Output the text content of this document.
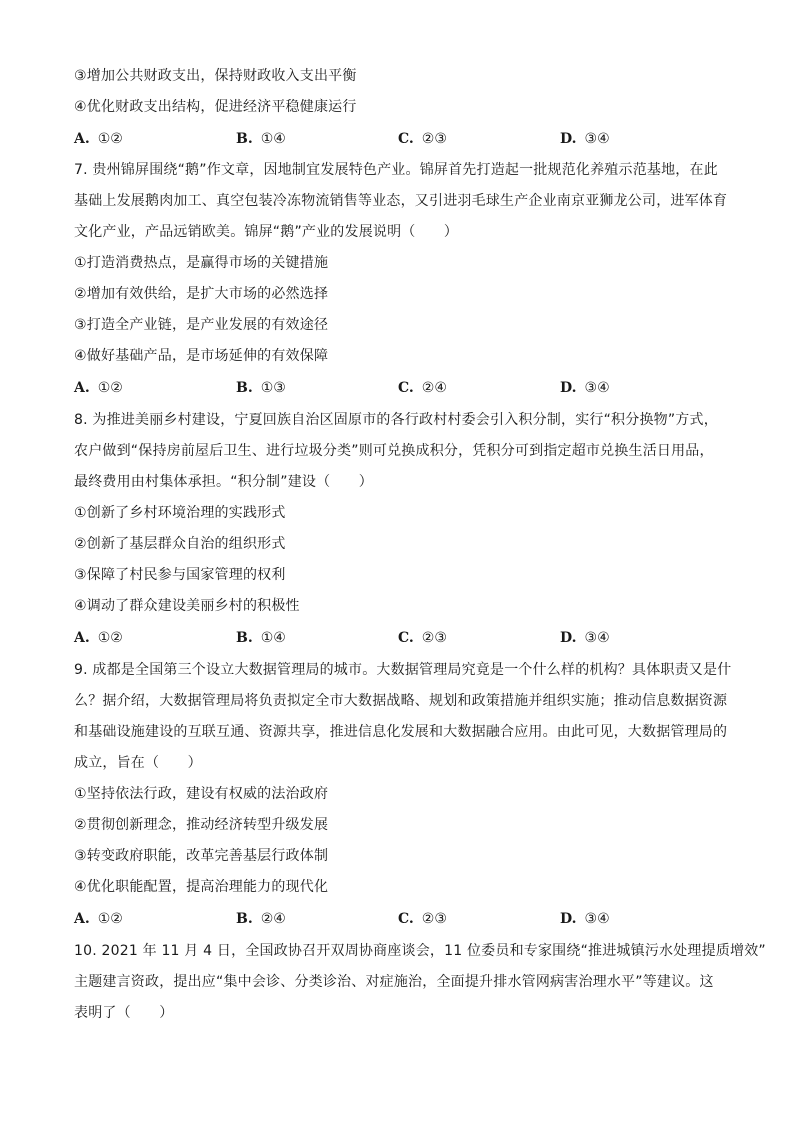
③增加公共财政支出，保持财政收入支出平衡
④优化财政支出结构，促进经济平稳健康运行
A. ①②	B. ①④	C. ②③	D. ③④
7. 贵州锦屏围绕“鹅”作文章，因地制宜发展特色产业。锦屏首先打造起一批规范化养殖示范基地，在此
基础上发展鹅肉加工、真空包装冷冻物流销售等业态，又引进羽毛球生产企业南京亚狮龙公司，进军体育
文化产业，产品远销欧美。锦屏“鹅”产业的发展说明（　　）
①打造消费热点，是赢得市场的关键措施
②增加有效供给，是扩大市场的必然选择
③打造全产业链，是产业发展的有效途径
④做好基础产品，是市场延伸的有效保障
A. ①②	B. ①③	C. ②④	D. ③④
8. 为推进美丽乡村建设，宁夏回族自治区固原市的各行政村村委会引入积分制，实行“积分换物”方式，
农户做到“保持房前屋后卫生、进行垃圾分类”则可兑换成积分，凭积分可到指定超市兑换生活日用品，
最终费用由村集体承担。“积分制”建设（　　）
①创新了乡村环境治理的实践形式
②创新了基层群众自治的组织形式
③保障了村民参与国家管理的权利
④调动了群众建设美丽乡村的积极性
A. ①②	B. ①④	C. ②③	D. ③④
9. 成都是全国第三个设立大数据管理局的城市。大数据管理局究竟是一个什么样的机构？具体职责又是什
么？据介绍，大数据管理局将负责拟定全市大数据战略、规划和政策措施并组织实施；推动信息数据资源
和基础设施建设的互联互通、资源共享，推进信息化发展和大数据融合应用。由此可见，大数据管理局的
成立，旨在（　　）
①坚持依法行政，建设有权威的法治政府
②贯彻创新理念，推动经济转型升级发展
③转变政府职能，改革完善基层行政体制
④优化职能配置，提高治理能力的现代化
A. ①②	B. ②④	C. ②③	D. ③④
10. 2021 年 11 月 4 日，全国政协召开双周协商座谈会，11 位委员和专家围绕“推进城镇污水处理提质增效”
主题建言资政，提出应“集中会诊、分类诊治、对症施治，全面提升排水管网病害治理水平”等建议。这
表明了（　　）
